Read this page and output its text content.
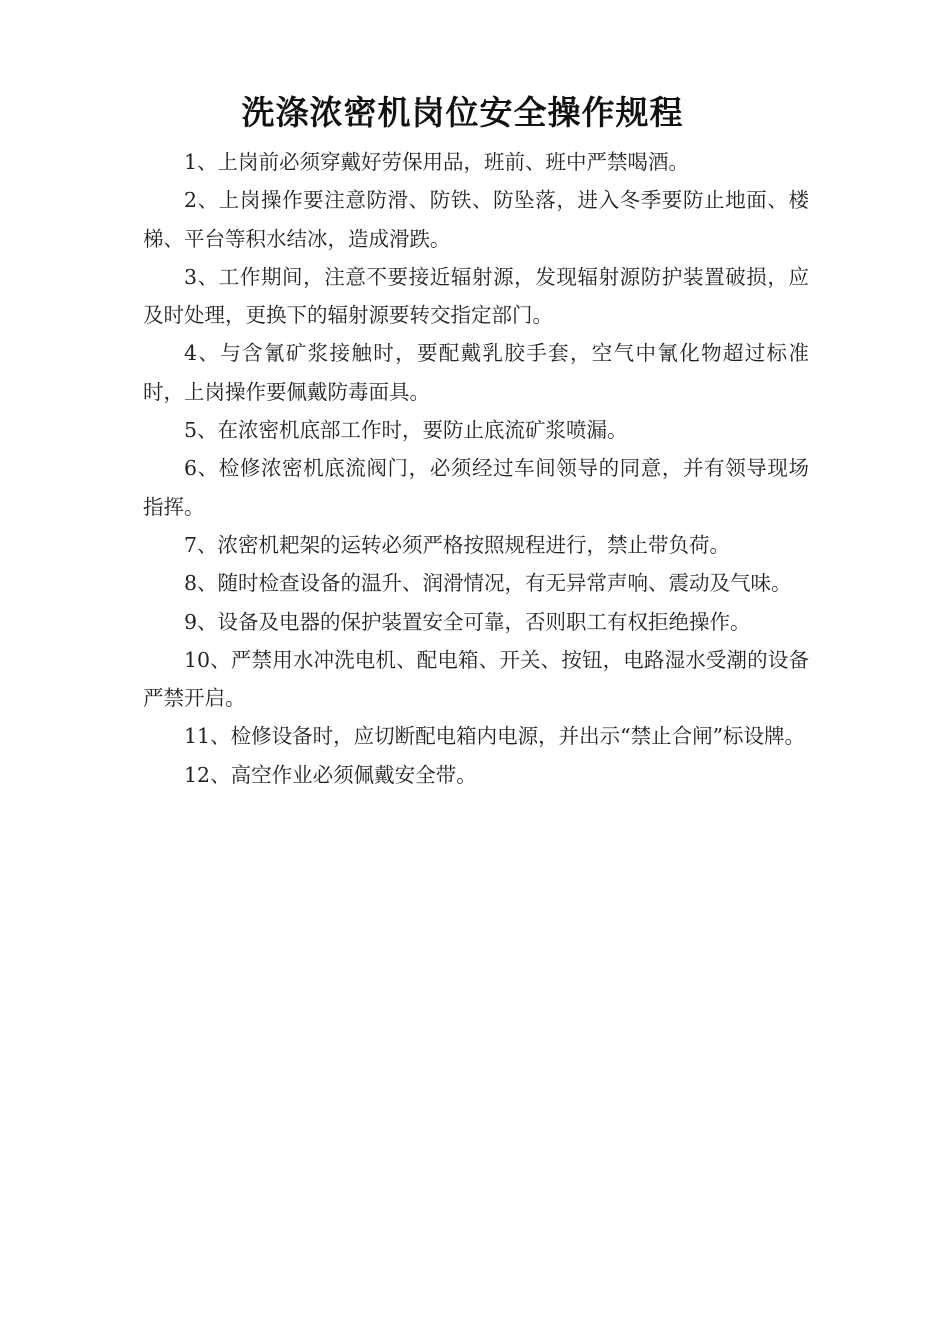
洗涤浓密机岗位安全操作规程

1、上岗前必须穿戴好劳保用品，班前、班中严禁喝酒。

2、上岗操作要注意防滑、防铁、防坠落，进入冬季要防止地面、楼梯、平台等积水结冰，造成滑跌。

3、工作期间，注意不要接近辐射源，发现辐射源防护装置破损，应及时处理，更换下的辐射源要转交指定部门。

4、与含氰矿浆接触时，要配戴乳胶手套，空气中氰化物超过标准时，上岗操作要佩戴防毒面具。

5、在浓密机底部工作时，要防止底流矿浆喷漏。

6、检修浓密机底流阀门，必须经过车间领导的同意，并有领导现场指挥。

7、浓密机耙架的运转必须严格按照规程进行，禁止带负荷。

8、随时检查设备的温升、润滑情况，有无异常声响、震动及气味。

9、设备及电器的保护装置安全可靠，否则职工有权拒绝操作。

10、严禁用水冲洗电机、配电箱、开关、按钮，电路湿水受潮的设备严禁开启。

11、检修设备时，应切断配电箱内电源，并出示“禁止合闸”标设牌。

12、高空作业必须佩戴安全带。
